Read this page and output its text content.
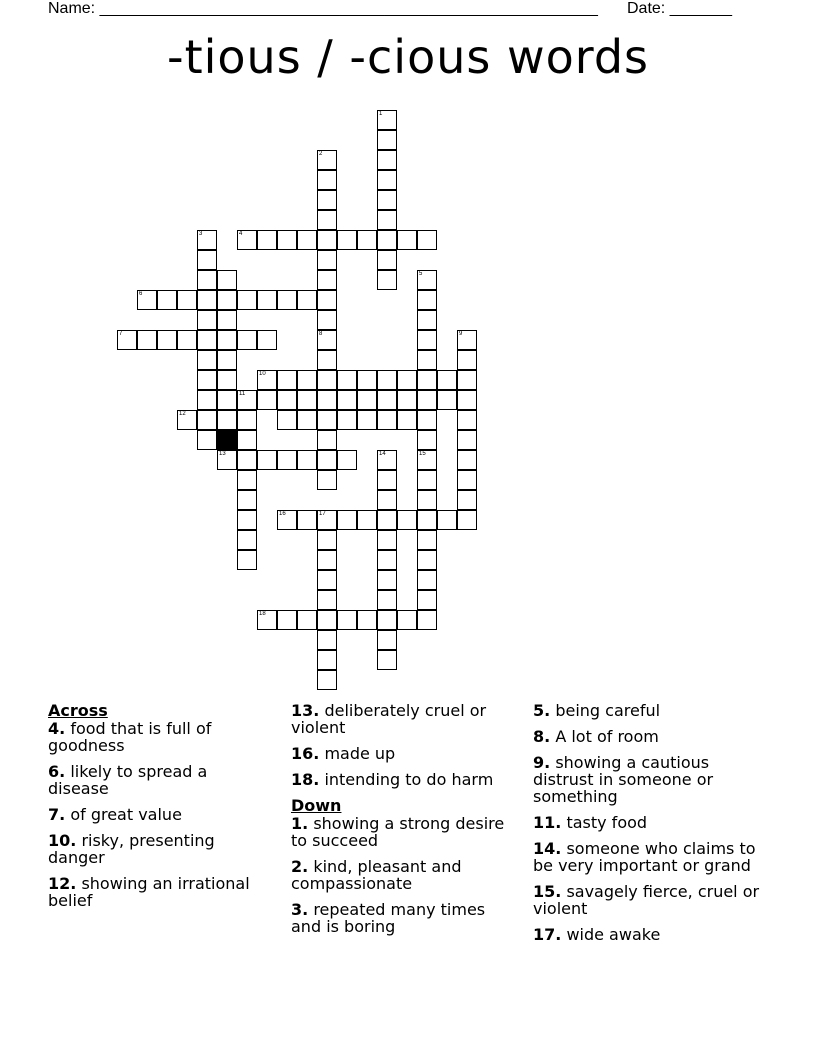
Name: ________________________________________________________ Date: _______
-tious / -cious words
1
2
3	4
5
6
7	8	9
10
11
12
13	14	15
16	17
18
Across
4. food that is full of goodness
6. likely to spread a disease
7. of great value
10. risky, presenting danger
12. showing an irrational belief
13. deliberately cruel or violent
16. made up
18. intending to do harm
Down
1. showing a strong desire to succeed
2. kind, pleasant and compassionate
3. repeated many times and is boring
5. being careful
8. A lot of room
9. showing a cautious distrust in someone or something
11. tasty food
14. someone who claims to be very important or grand
15. savagely fierce, cruel or violent
17. wide awake
